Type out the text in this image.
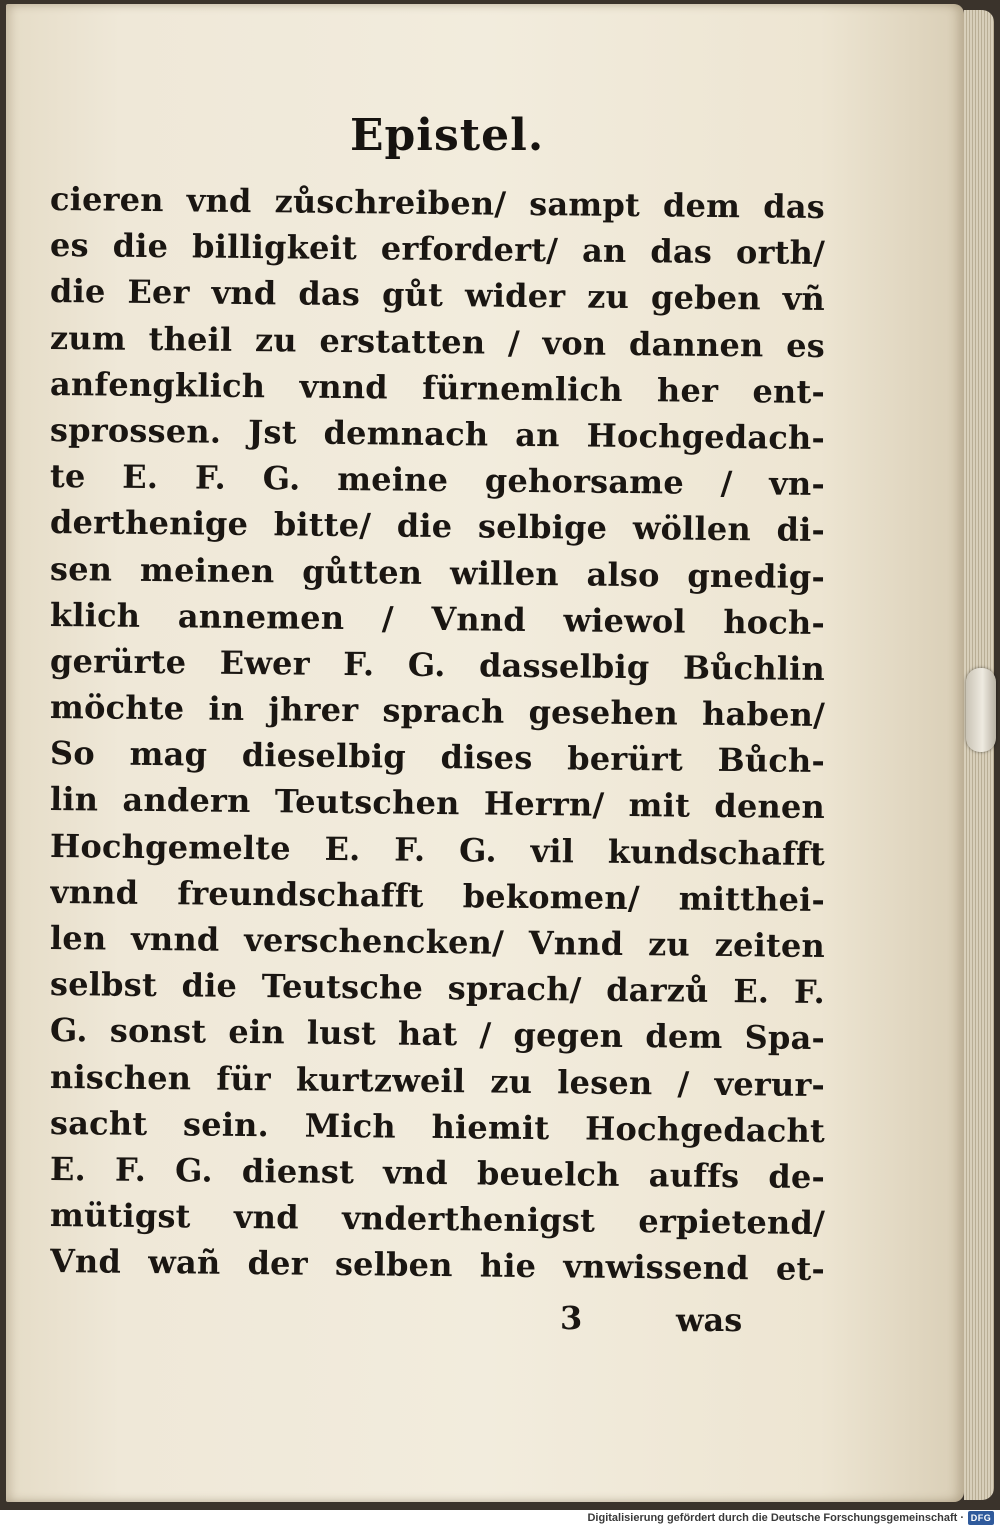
Epistel.
cieren vnd zůschreiben/ sampt dem das
es die billigkeit erfordert/ an das orth/
die Eer vnd das gůt wider zu geben vñ
zum theil zu erstatten / von dannen es
anfengklich vnnd fürnemlich her ent-
sprossen. Jst demnach an Hochgedach-
te E. F. G. meine gehorsame / vn-
derthenige bitte/ die selbige wöllen di-
sen meinen gůtten willen also gnedig-
klich annemen / Vnnd wiewol hoch-
gerürte Ewer F. G. dasselbig Bůchlin
möchte in jhrer sprach gesehen haben/
So mag dieselbig dises berürt Bůch-
lin andern Teutschen Herrn/ mit denen
Hochgemelte E. F. G. vil kundschafft
vnnd freundschafft bekomen/ mitthei-
len vnnd verschencken/ Vnnd zu zeiten
selbst die Teutsche sprach/ darzů E. F.
G. sonst ein lust hat / gegen dem Spa-
nischen für kurtzweil zu lesen / verur-
sacht sein. Mich hiemit Hochgedacht
E. F. G. dienst vnd beuelch auffs de-
mütigst vnd vnderthenigst erpietend/
Vnd wañ der selben hie vnwissend et-
3	was
Digitalisierung gefördert durch die Deutsche Forschungsgemeinschaft · DFG
